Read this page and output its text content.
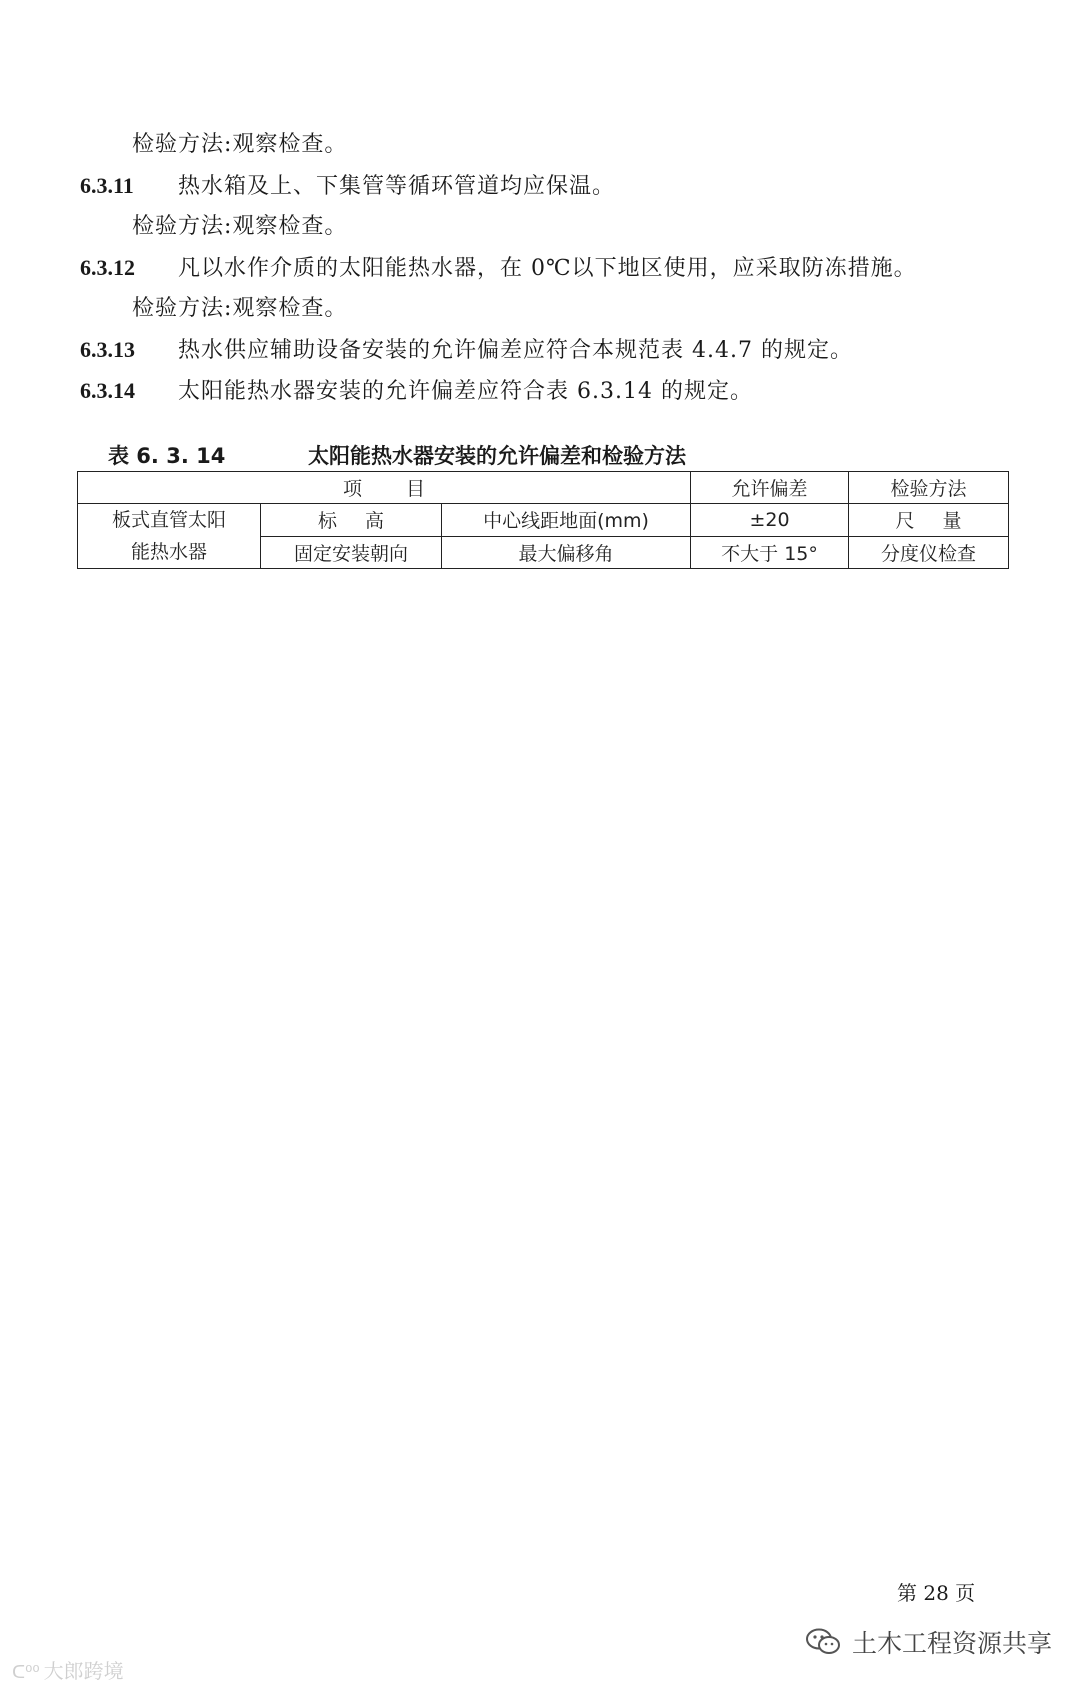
检验方法:观察检查。
6.3.11 热水箱及上、下集管等循环管道均应保温。
检验方法:观察检查。
6.3.12 凡以水作介质的太阳能热水器，在 0℃以下地区使用，应采取防冻措施。
检验方法:观察检查。
6.3.13 热水供应辅助设备安装的允许偏差应符合本规范表 4.4.7 的规定。
6.3.14 太阳能热水器安装的允许偏差应符合表 6.3.14 的规定。
表 6. 3. 14	太阳能热水器安装的允许偏差和检验方法
项目			允许偏差	检验方法

板式直管太阳
能热水器	标高	中心线距地面(mm)	±20	尺量
	固定安装朝向	最大偏移角	不大于 15°	分度仪检查
第 28 页
ᑕ⁰⁰ 大郎跨境
土木工程资源共享
